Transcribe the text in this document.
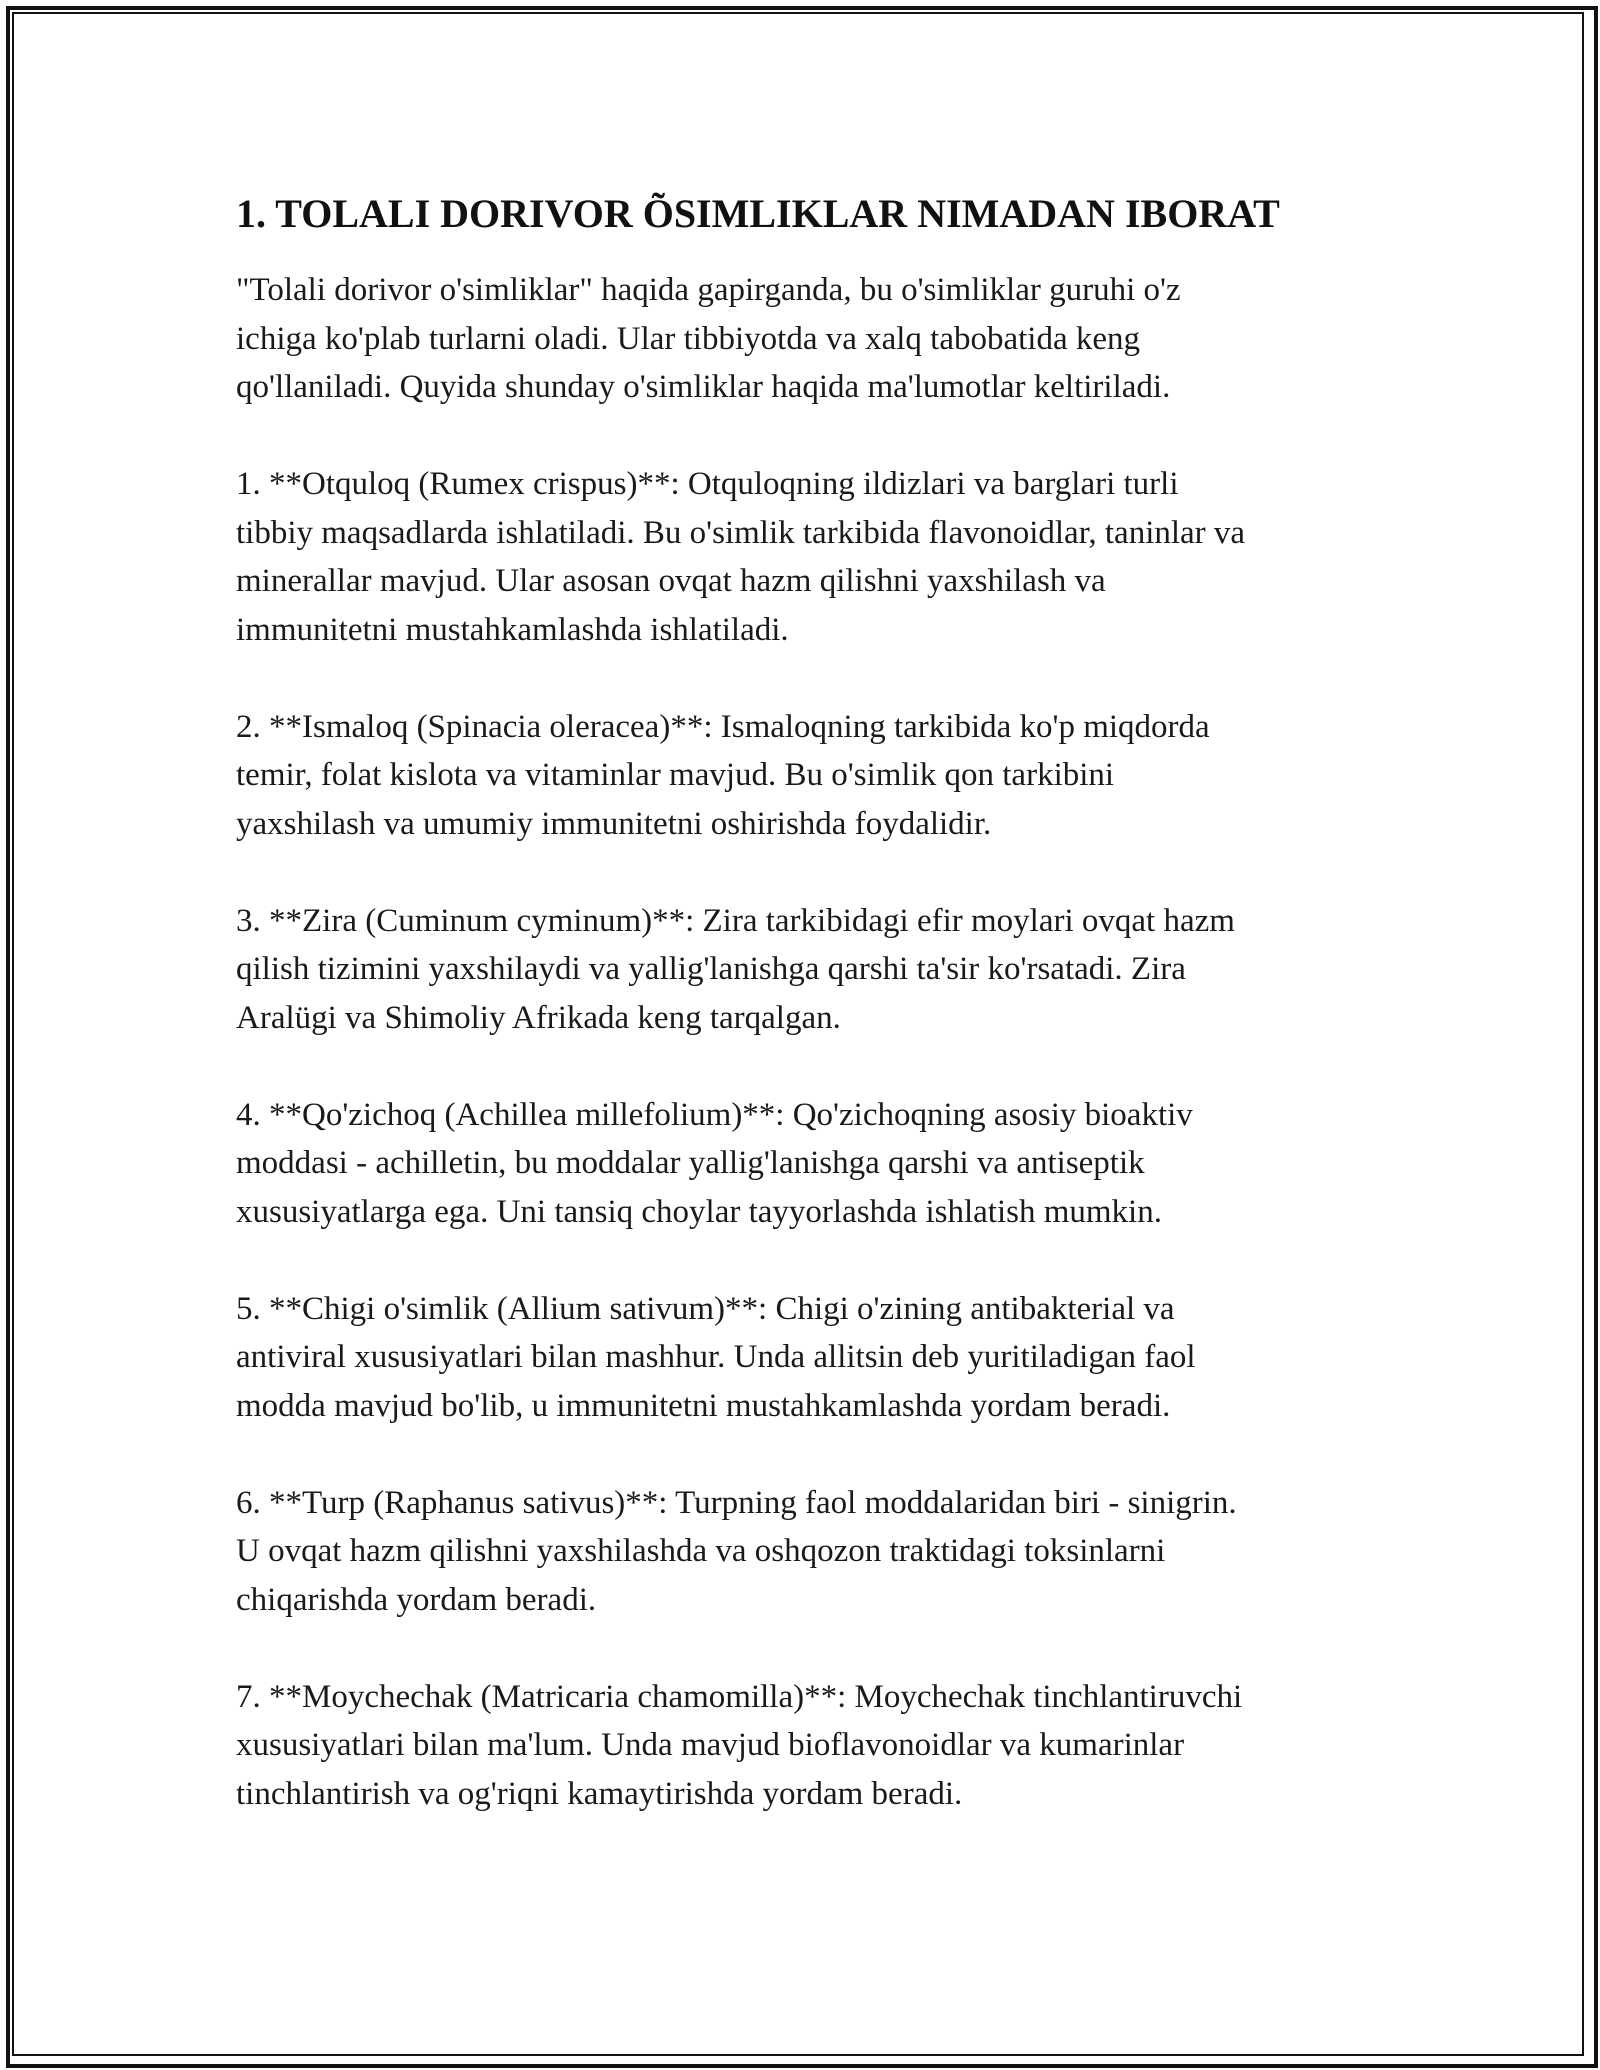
1. TOLALI DORIVOR ÕSIMLIKLAR NIMADAN IBORAT
"Tolali dorivor o'simliklar" haqida gapirganda, bu o'simliklar guruhi o'z
ichiga ko'plab turlarni oladi. Ular tibbiyotda va xalq tabobatida keng
qo'llaniladi. Quyida shunday o'simliklar haqida ma'lumotlar keltiriladi.
1. **Otquloq (Rumex crispus)**: Otquloqning ildizlari va barglari turli
tibbiy maqsadlarda ishlatiladi. Bu o'simlik tarkibida flavonoidlar, taninlar va
minerallar mavjud. Ular asosan ovqat hazm qilishni yaxshilash va
immunitetni mustahkamlashda ishlatiladi.
2. **Ismaloq (Spinacia oleracea)**: Ismaloqning tarkibida ko'p miqdorda
temir, folat kislota va vitaminlar mavjud. Bu o'simlik qon tarkibini
yaxshilash va umumiy immunitetni oshirishda foydalidir.
3. **Zira (Cuminum cyminum)**: Zira tarkibidagi efir moylari ovqat hazm
qilish tizimini yaxshilaydi va yallig'lanishga qarshi ta'sir ko'rsatadi. Zira
Aralügi va Shimoliy Afrikada keng tarqalgan.
4. **Qo'zichoq (Achillea millefolium)**: Qo'zichoqning asosiy bioaktiv
moddasi - achilletin, bu moddalar yallig'lanishga qarshi va antiseptik
xususiyatlarga ega. Uni tansiq choylar tayyorlashda ishlatish mumkin.
5. **Chigi o'simlik (Allium sativum)**: Chigi o'zining antibakterial va
antiviral xususiyatlari bilan mashhur. Unda allitsin deb yuritiladigan faol
modda mavjud bo'lib, u immunitetni mustahkamlashda yordam beradi.
6. **Turp (Raphanus sativus)**: Turpning faol moddalaridan biri - sinigrin.
U ovqat hazm qilishni yaxshilashda va oshqozon traktidagi toksinlarni
chiqarishda yordam beradi.
7. **Moychechak (Matricaria chamomilla)**: Moychechak tinchlantiruvchi
xususiyatlari bilan ma'lum. Unda mavjud bioflavonoidlar va kumarinlar
tinchlantirish va og'riqni kamaytirishda yordam beradi.
